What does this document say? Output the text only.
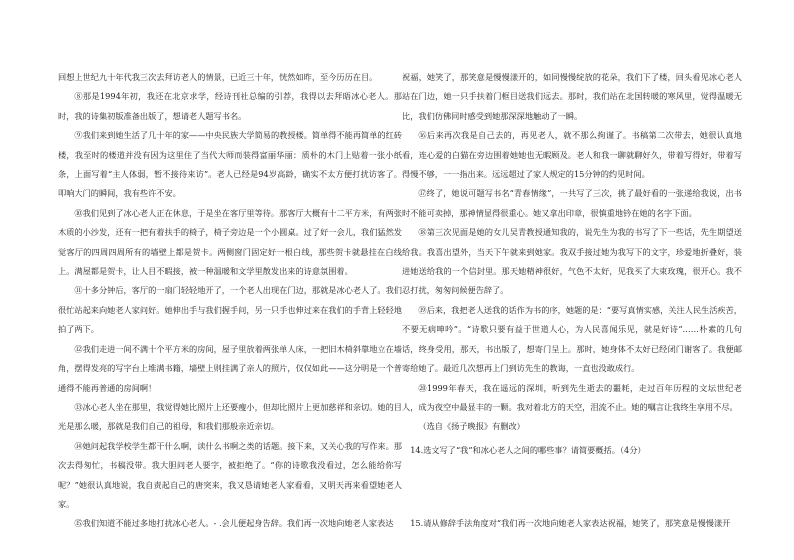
回想上世纪九十年代我三次去拜访老人的情景，已近三十年，恍然如昨，至今历历在目。

⑧那是1994年初，我还在北京求学，经诗刊社总编的引荐，我得以去拜晤冰心老人。那时，我的诗集初版准备出版了，想请老人题写书名。

⑨我们来到她生活了几十年的家——中央民族大学简易的教授楼。简单得不能再简单的红砖楼，我至时的楼道并没有因为这里住了当代大师而装得富丽华丽：质朴的木门上贴着一张小纸条，上面写着“主人体弱，暂不接待来访”。老人已经是94岁高龄，确实不太方便打扰访客了。叩响大门的瞬间，我有些许不安。

⑩我们见到了冰心老人正在休息，于是坐在客厅里等待。那客厅大概有十二平方米，有两张木质的小沙发，还有一把有着扶手的椅子，椅子旁边是一个小圆桌。过了好一会儿，我们猛然发觉客厅的四周四周所有的墙壁上都是贺卡。两侧窗门固定好一根白线，那些贺卡就悬挂在白线上。满屋都是贺卡，让人目不暇接，被一种温暖和文学里散发出来的诗意氛围着。

⑪十多分钟后，客厅的一扇门轻轻地开了，一个老人出现在门边，那就是冰心老人了。我们很忙站起来向她老人家问好。她伸出手与我们握手问，另一只手也伸过来在我们的手背上轻轻地拍了两下。

⑫我们走进一间不满十个平方米的房间，屋子里放着两张单人床，一把旧木椅斜靠地立在墙角，摆得发亮的写字台上堆满书籍，墙壁上则挂满了亲人的照片，仅仅如此——这分明是一个普通得不能再普通的房间啊！

⑬冰心老人坐在那里，我觉得她比照片上还要瘦小，但却比照片上更加慈祥和亲切。她的目光是那么暖，那就是我们自己的祖母，和我们那般亲近亲切。

⑭她问起我学校学生都干什么啊，读什么书啊之类的话题。接下来，又关心我的写作来。那次去得匆忙，书稿没带。我大胆问老人要字，被拒绝了。“你的诗歌我没看过，怎么能给你写呢？”她很认真地说，我自责起自己的唐突来，我又恳请她老人家看看，又明天再来看望她老人家。

⑮我们知道不能过多地打扰冰心老人。- .会儿便起身告辞。我们再一次地向她老人家表达

祝福，她笑了，那笑意是慢慢漾开的，如同慢慢绽放的花朵，我们下了楼，回头看见冰心老人站在门边，她一只手扶着门框目送我们远去。那时，我们站在北国转暖的寒风里，觉得温暖无比，我们仿佛同时感受到她那深深地触动了一瞬。

⑯后来再次我是自己去的，再见老人，就不那么拘谨了。书稿第二次带去，她很认真地看，连心爱的白猫在旁边围着她她也无暇顾及。老人和我一聊就聊好久，带着写得好，带着写得慢不够，一一指出来。远远超过了家人规定的15分钟的约见时间。

⑰终了，她说可题写书名“青春情缘”，一共写了三次，挑了最好看的一张递给我说，出书时不能可卖掉，那神情显得很重心。她又拿出印章，很慎重地钤在她的名字下面。

⑱第三次见面是她的女儿吴青教授通知我的，说先生为我的书写了下一些话，先生期望送给我。我喜出望外，当天下午就来到她家。我双手接过她为我写下的文字，珍爱地折叠好，装进她送给我的一个信封里。那天她精神很好，气色不太好，见我买了大束玫瑰，很开心。我不忍打扰，匆匆问候便告辞了。

⑲后来，我把老人送我的话作为书的序，她题的是：“要写真情实感，关注人民生活疾苦，不要无病呻吟”。“诗歌只要有益于世道人心，为人民喜闻乐见，就是好诗”……朴素的几句话，终身受用，那天，书出版了，想寄门呈上。那时，她身体不太好已经闭门谢客了。我便邮寄给她了。最近几次想再上门到访先生的教诲，一直也没敢成行。

⑳1999年春天，我在遥远的深圳，听到先生逝去的噩耗，走过百年历程的文坛世纪老人，成为夜空中最显丰的一颗。我对着北方的天空，泪流不止。她的嘱言让我终生享用不尽。

（选自《扬子晚报》有删改）

14.选文写了“我”和冰心老人之间的哪些事？请简要概括。（4分）

15.请从修辞手法角度对“我们再一次地向她老人家表达祝福，她笑了，那笑意是慢慢漾开
